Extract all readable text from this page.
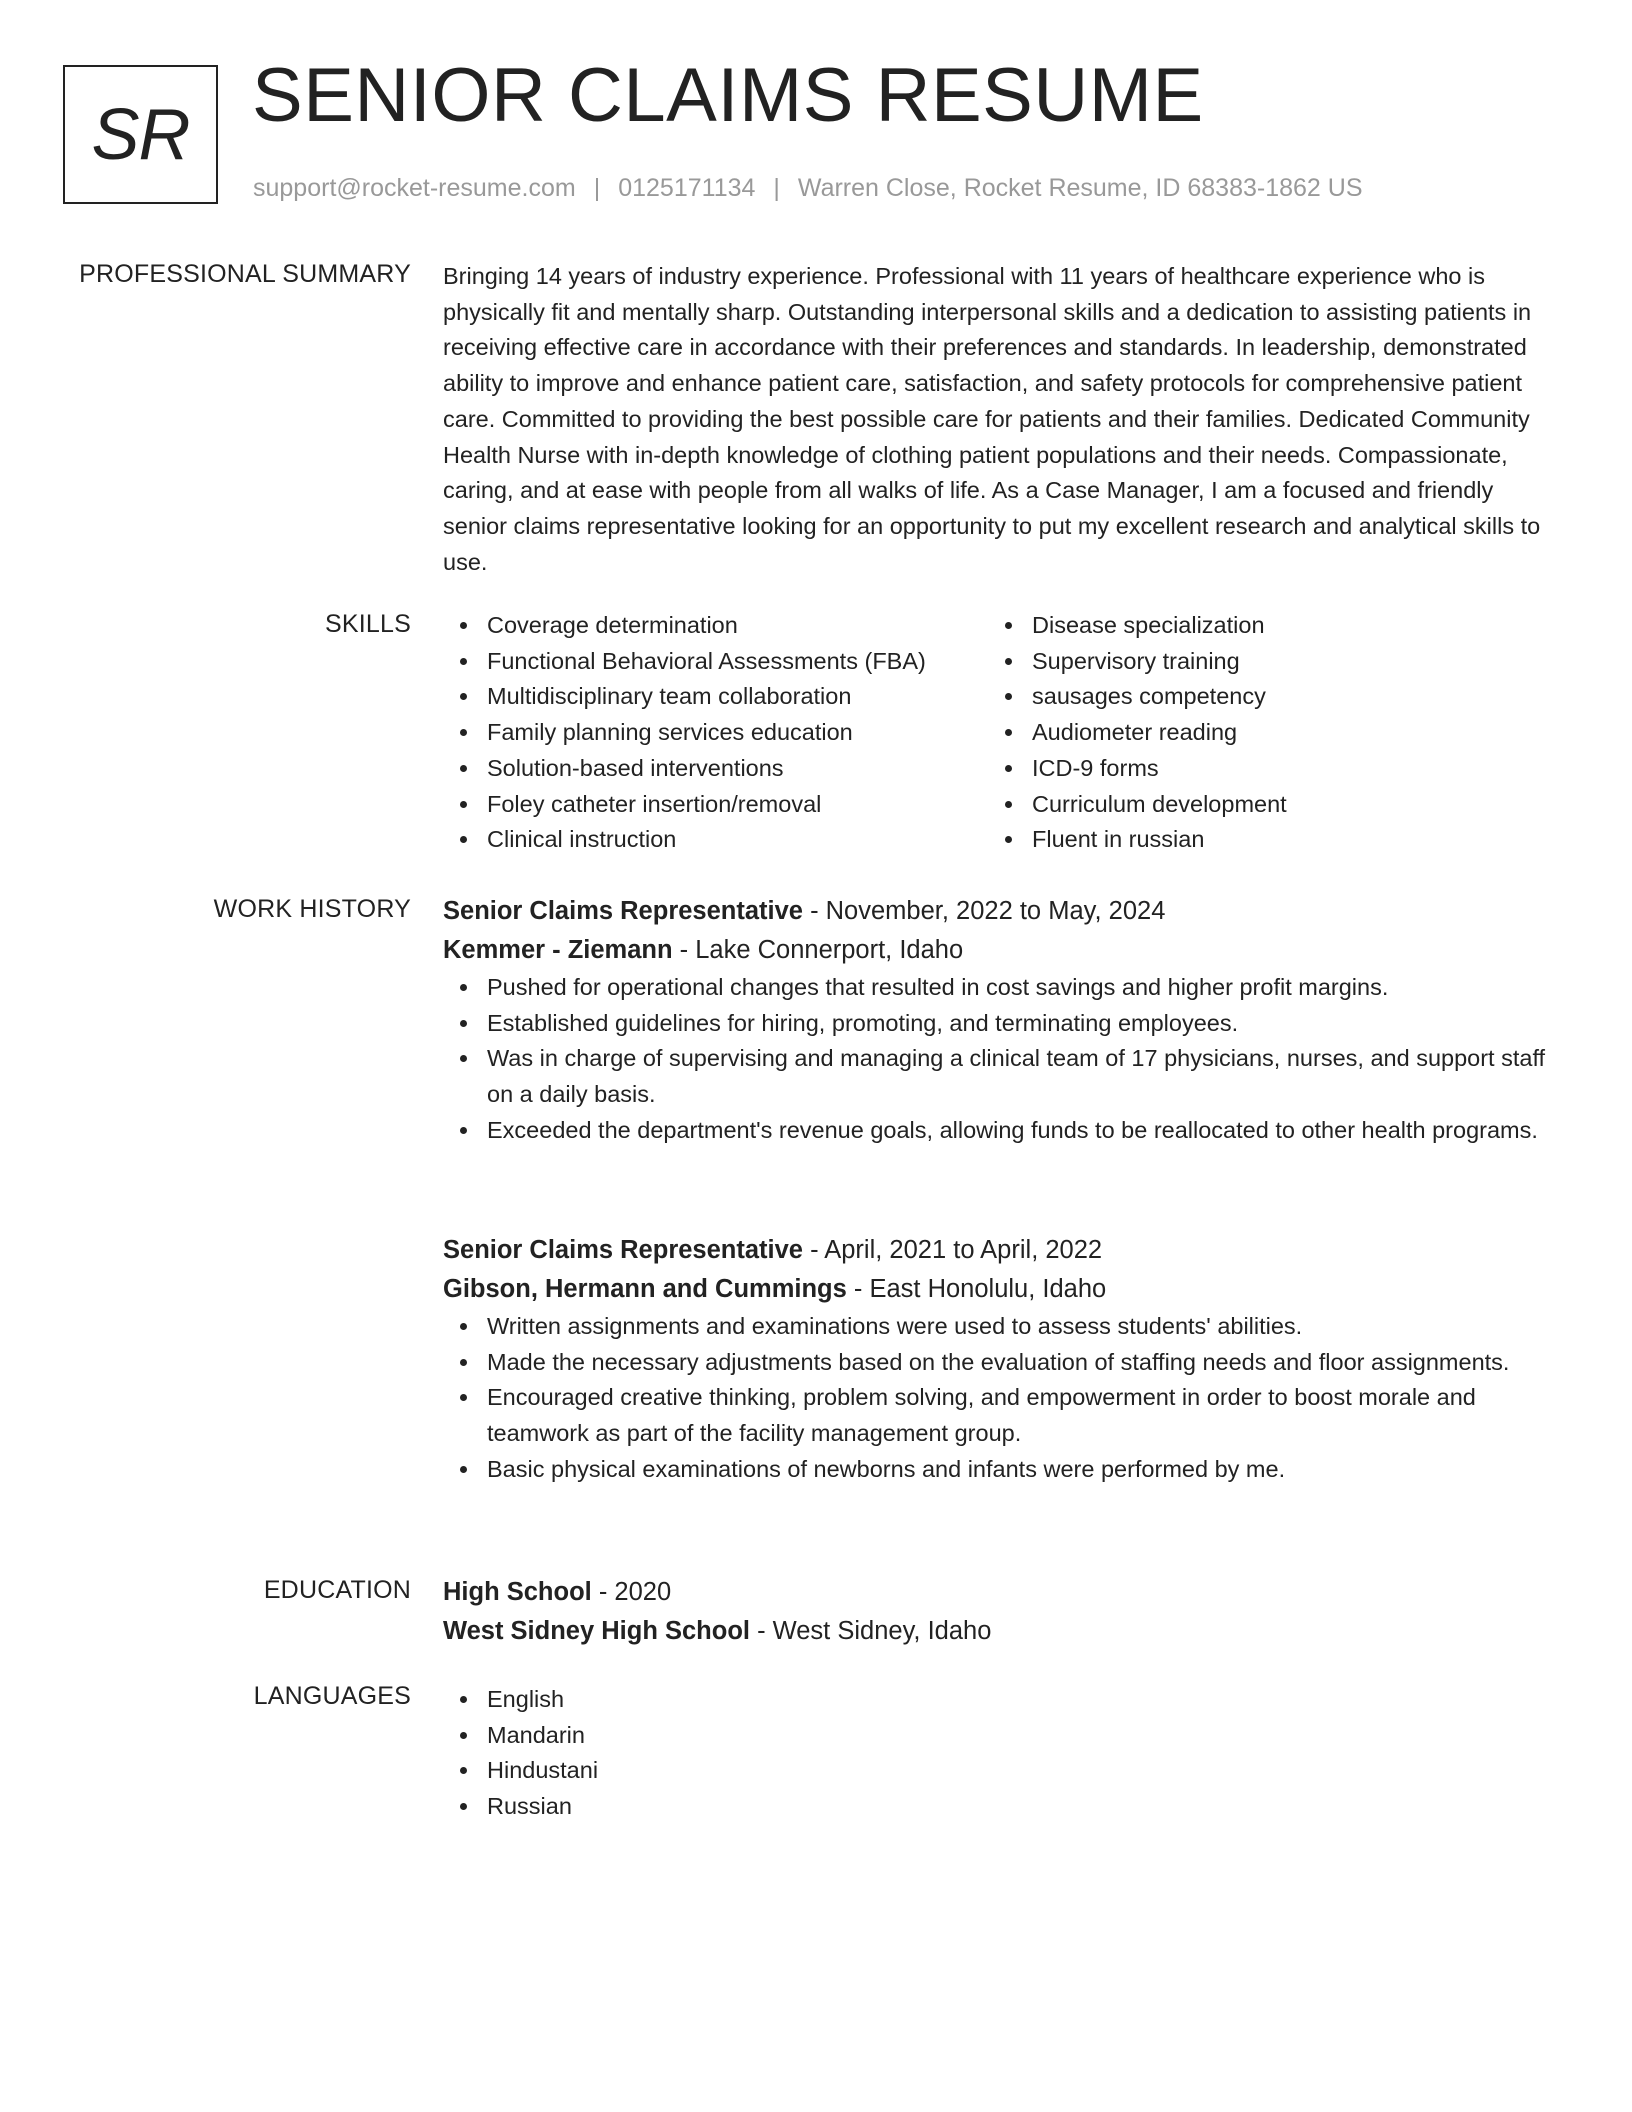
SR SENIOR CLAIMS RESUME
support@rocket-resume.com | 0125171134 | Warren Close, Rocket Resume, ID 68383-1862 US
PROFESSIONAL SUMMARY Bringing 14 years of industry experience. Professional with 11 years of healthcare experience who is physically fit and mentally sharp. Outstanding interpersonal skills and a dedication to assisting patients in receiving effective care in accordance with their preferences and standards. In leadership, demonstrated ability to improve and enhance patient care, satisfaction, and safety protocols for comprehensive patient care. Committed to providing the best possible care for patients and their families. Dedicated Community Health Nurse with in-depth knowledge of clothing patient populations and their needs. Compassionate, caring, and at ease with people from all walks of life. As a Case Manager, I am a focused and friendly senior claims representative looking for an opportunity to put my excellent research and analytical skills to use.

SKILLS	Coverage determination
Functional Behavioral Assessments (FBA)
Multidisciplinary team collaboration
Family planning services education
Solution-based interventions
Foley catheter insertion/removal
Clinical instruction
Disease specialization
Supervisory training
sausages competency
Audiometer reading
ICD-9 forms
Curriculum development
Fluent in russian
WORK HISTORY Senior Claims Representative - November, 2022 to May, 2024
Kemmer - Ziemann - Lake Connerport, Idaho
Pushed for operational changes that resulted in cost savings and higher profit margins.
Established guidelines for hiring, promoting, and terminating employees.
Was in charge of supervising and managing a clinical team of 17 physicians, nurses, and support staff on a daily basis.
Exceeded the department's revenue goals, allowing funds to be reallocated to other health programs.
Senior Claims Representative - April, 2021 to April, 2022
Gibson, Hermann and Cummings - East Honolulu, Idaho
Written assignments and examinations were used to assess students' abilities.
Made the necessary adjustments based on the evaluation of staffing needs and floor assignments.
Encouraged creative thinking, problem solving, and empowerment in order to boost morale and teamwork as part of the facility management group.
Basic physical examinations of newborns and infants were performed by me.
EDUCATION High School - 2020
West Sidney High School - West Sidney, Idaho
LANGUAGES	English
Mandarin
Hindustani
Russian
